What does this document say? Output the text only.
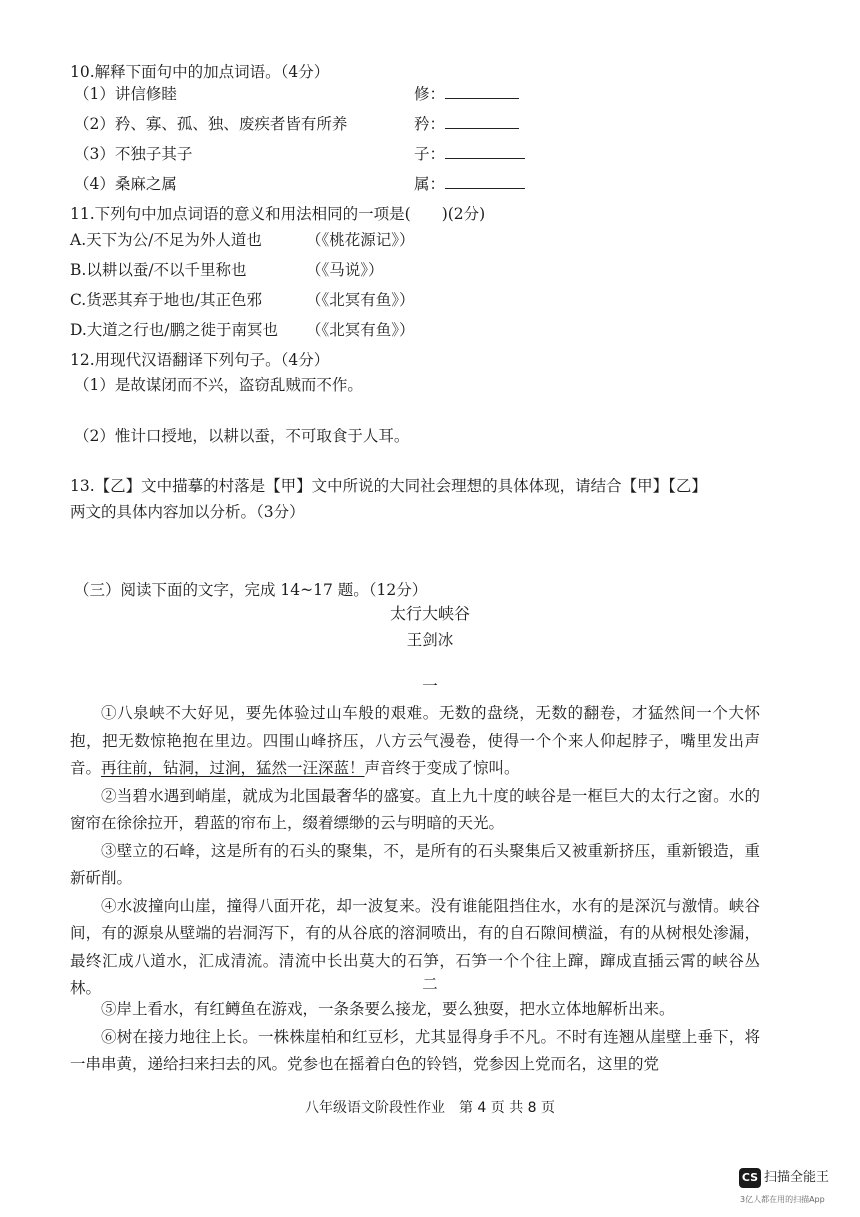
10.解释下面句中的加点词语。（4分）
（1）讲信修睦	修：
（2）矜、寡、孤、独、废疾者皆有所养	矜：
（3）不独子其子	子：
（4）桑麻之属	属：
11.下列句中加点词语的意义和用法相同的一项是(　　)(2分)
A.天下为公/不足为外人道也	（《桃花源记》）
B.以耕以蚕/不以千里称也	（《马说》）
C.货恶其弃于地也/其正色邪	（《北冥有鱼》）
D.大道之行也/鹏之徙于南冥也 （《北冥有鱼》）
12.用现代汉语翻译下列句子。（4分）
（1）是故谋闭而不兴，盗窃乱贼而不作。
（2）惟计口授地，以耕以蚕，不可取食于人耳。
13.【乙】文中描摹的村落是【甲】文中所说的大同社会理想的具体体现，请结合【甲】【乙】
两文的具体内容加以分析。（3分）
（三）阅读下面的文字，完成 14~17 题。（12分）
太行大峡谷
王剑冰
一

①八泉峡不大好见，要先体验过山车般的艰难。无数的盘绕，无数的翻卷，才猛然间一个大怀抱，把无数惊艳抱在里边。四围山峰挤压，八方云气漫卷，使得一个个来人仰起脖子，嘴里发出声音。再往前，钻洞，过涧，猛然一汪深蓝！声音终于变成了惊叫。

②当碧水遇到峭崖，就成为北国最奢华的盛宴。直上九十度的峡谷是一框巨大的太行之窗。水的窗帘在徐徐拉开，碧蓝的帘布上，缀着缥缈的云与明暗的天光。

③壁立的石峰，这是所有的石头的聚集，不，是所有的石头聚集后又被重新挤压，重新锻造，重新斫削。

④水波撞向山崖，撞得八面开花，却一波复来。没有谁能阻挡住水，水有的是深沉与激情。峡谷间，有的源泉从壁端的岩洞泻下，有的从谷底的溶洞喷出，有的自石隙间横溢，有的从树根处渗漏，最终汇成八道水，汇成清流。清流中长出莫大的石笋，石笋一个个往上蹿，蹿成直插云霄的峡谷丛林。	二

⑤岸上看水，有红鳟鱼在游戏，一条条要么接龙，要么独耍，把水立体地解析出来。

⑥树在接力地往上长。一株株崖柏和红豆杉，尤其显得身手不凡。不时有连翘从崖壁上垂下，将一串串黄，递给扫来扫去的风。党参也在摇着白色的铃铛，党参因上党而名，这里的党

八年级语文阶段性作业　第 4 页 共 8 页
CS 扫描全能王
3亿人都在用的扫描App
